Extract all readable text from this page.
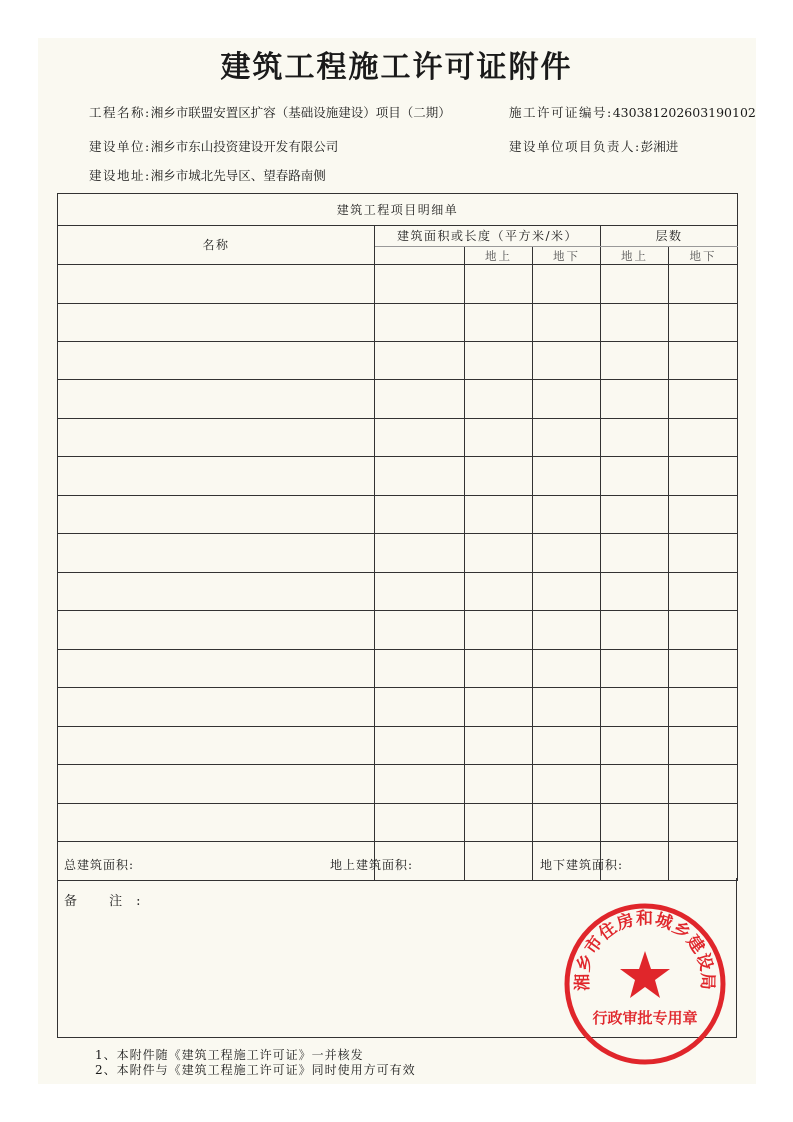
建筑工程施工许可证附件
工程名称:湘乡市联盟安置区扩容（基础设施建设）项目（二期）	施工许可证编号:430381202603190102
建设单位:湘乡市东山投资建设开发有限公司	建设单位项目负责人:彭湘进
建设地址:湘乡市城北先导区、望春路南侧
建筑工程项目明细单					
名称	建筑面积或长度（平方米/米）			层数	
		地上	地下	地上	地下

总建筑面积:	地上建筑面积:	地下建筑面积:
备 注:
1、本附件随《建筑工程施工许可证》一并核发
2、本附件与《建筑工程施工许可证》同时使用方可有效
湘乡市住房和城乡建设局
行政审批专用章
